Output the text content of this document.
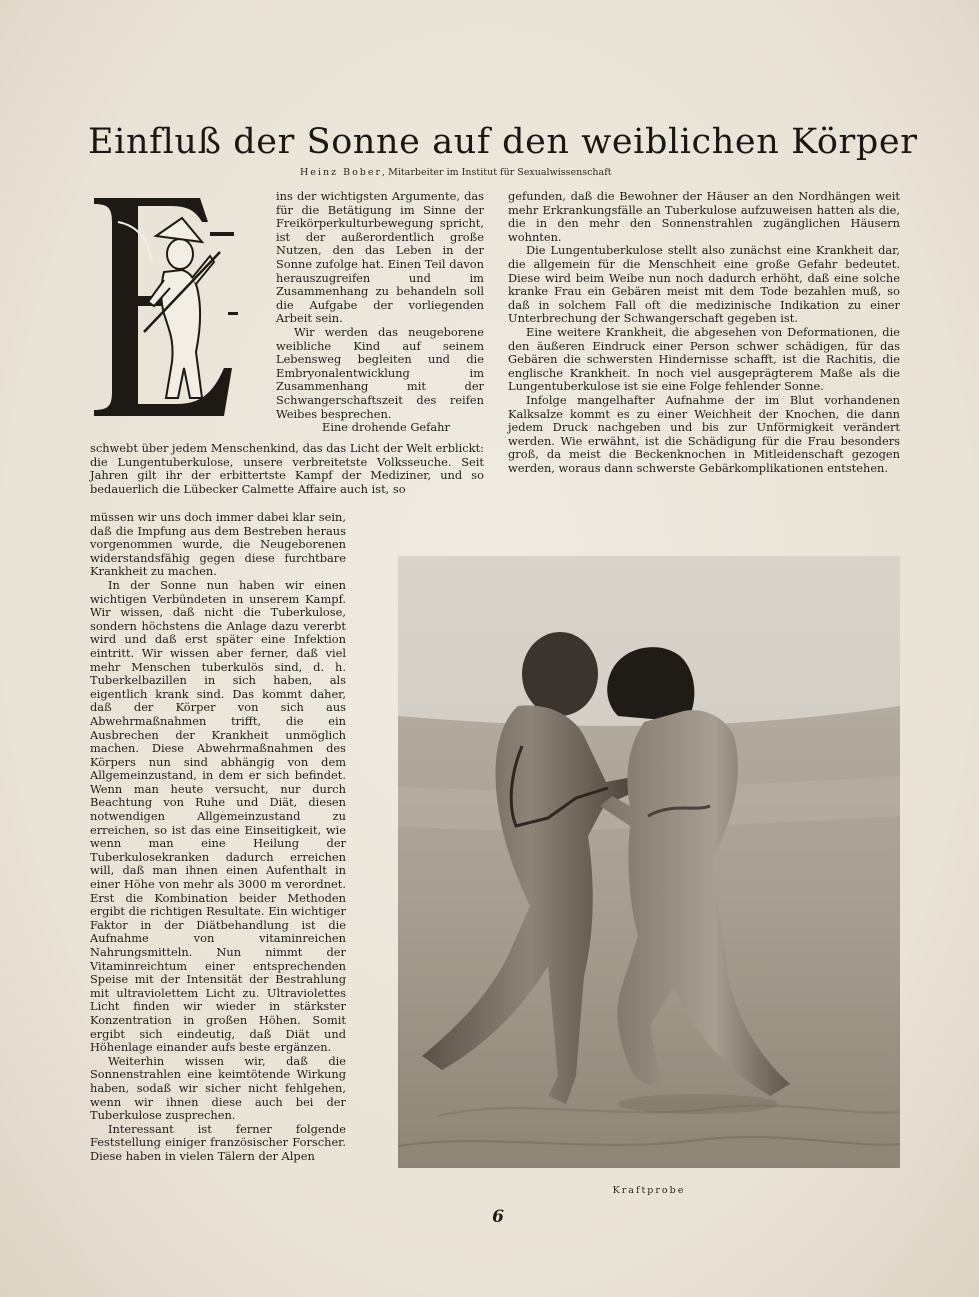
Einfluß der Sonne auf den weiblichen Körper
Heinz Bober, Mitarbeiter im Institut für Sexualwissenschaft

ins der wichtigsten Argumente, das für die Betätigung im Sinne der Freikörperkulturbewegung spricht, ist der außerordentlich große Nutzen, den das Leben in der Sonne zufolge hat. Einen Teil davon herauszugreifen und im Zusammenhang zu behandeln soll die Aufgabe der vorliegenden Arbeit sein.

Wir werden das neugeborene weibliche Kind auf seinem Lebensweg begleiten und die Embryonalentwicklung im Zusammenhang mit der Schwangerschaftszeit des reifen Weibes besprechen.

Eine drohende Gefahr

schwebt über jedem Menschenkind, das das Licht der Welt erblickt: die Lungentuberkulose, unsere verbreitetste Volksseuche. Seit Jahren gilt ihr der erbittertste Kampf der Mediziner, und so bedauerlich die Lübecker Calmette Affaire auch ist, so

müssen wir uns doch immer dabei klar sein, daß die Impfung aus dem Bestreben heraus vorgenommen wurde, die Neugeborenen widerstandsfähig gegen diese furchtbare Krankheit zu machen.

In der Sonne nun haben wir einen wichtigen Verbündeten in unserem Kampf. Wir wissen, daß nicht die Tuberkulose, sondern höchstens die Anlage dazu vererbt wird und daß erst später eine Infektion eintritt. Wir wissen aber ferner, daß viel mehr Menschen tuberkulös sind, d. h. Tuberkelbazillen in sich haben, als eigentlich krank sind. Das kommt daher, daß der Körper von sich aus Abwehrmaßnahmen trifft, die ein Ausbrechen der Krankheit unmöglich machen. Diese Abwehrmaßnahmen des Körpers nun sind abhängig von dem Allgemeinzustand, in dem er sich befindet. Wenn man heute versucht, nur durch Beachtung von Ruhe und Diät, diesen notwendigen Allgemeinzustand zu erreichen, so ist das eine Einseitigkeit, wie wenn man eine Heilung der Tuberkulosekranken dadurch erreichen will, daß man ihnen einen Aufenthalt in einer Höhe von mehr als 3000 m verordnet. Erst die Kombination beider Methoden ergibt die richtigen Resultate. Ein wichtiger Faktor in der Diätbehandlung ist die Aufnahme von vitaminreichen Nahrungsmitteln. Nun nimmt der Vitaminreichtum einer entsprechenden Speise mit der Intensität der Bestrahlung mit ultraviolettem Licht zu. Ultraviolettes Licht finden wir wieder in stärkster Konzentration in großen Höhen. Somit ergibt sich eindeutig, daß Diät und Höhenlage einander aufs beste ergänzen.

Weiterhin wissen wir, daß die Sonnenstrahlen eine keimtötende Wirkung haben, sodaß wir sicher nicht fehlgehen, wenn wir ihnen diese auch bei der Tuberkulose zusprechen.

Interessant ist ferner folgende Feststellung einiger französischer Forscher. Diese haben in vielen Tälern der Alpen

gefunden, daß die Bewohner der Häuser an den Nordhängen weit mehr Erkrankungsfälle an Tuberkulose aufzuweisen hatten als die, die in den mehr den Sonnenstrahlen zugänglichen Häusern wohnten.

Die Lungentuberkulose stellt also zunächst eine Krankheit dar, die allgemein für die Menschheit eine große Gefahr bedeutet. Diese wird beim Weibe nun noch dadurch erhöht, daß eine solche kranke Frau ein Gebären meist mit dem Tode bezahlen muß, so daß in solchem Fall oft die medizinische Indikation zu einer Unterbrechung der Schwangerschaft gegeben ist.

Eine weitere Krankheit, die abgesehen von Deformationen, die den äußeren Eindruck einer Person schwer schädigen, für das Gebären die schwersten Hindernisse schafft, ist die Rachitis, die englische Krankheit. In noch viel ausgeprägterem Maße als die Lungentuberkulose ist sie eine Folge fehlender Sonne.

Infolge mangelhafter Aufnahme der im Blut vorhandenen Kalksalze kommt es zu einer Weichheit der Knochen, die dann jedem Druck nachgeben und bis zur Unförmigkeit verändert werden. Wie erwähnt, ist die Schädigung für die Frau besonders groß, da meist die Beckenknochen in Mitleidenschaft gezogen werden, woraus dann schwerste Gebärkomplikationen entstehen.

Kraftprobe
6
